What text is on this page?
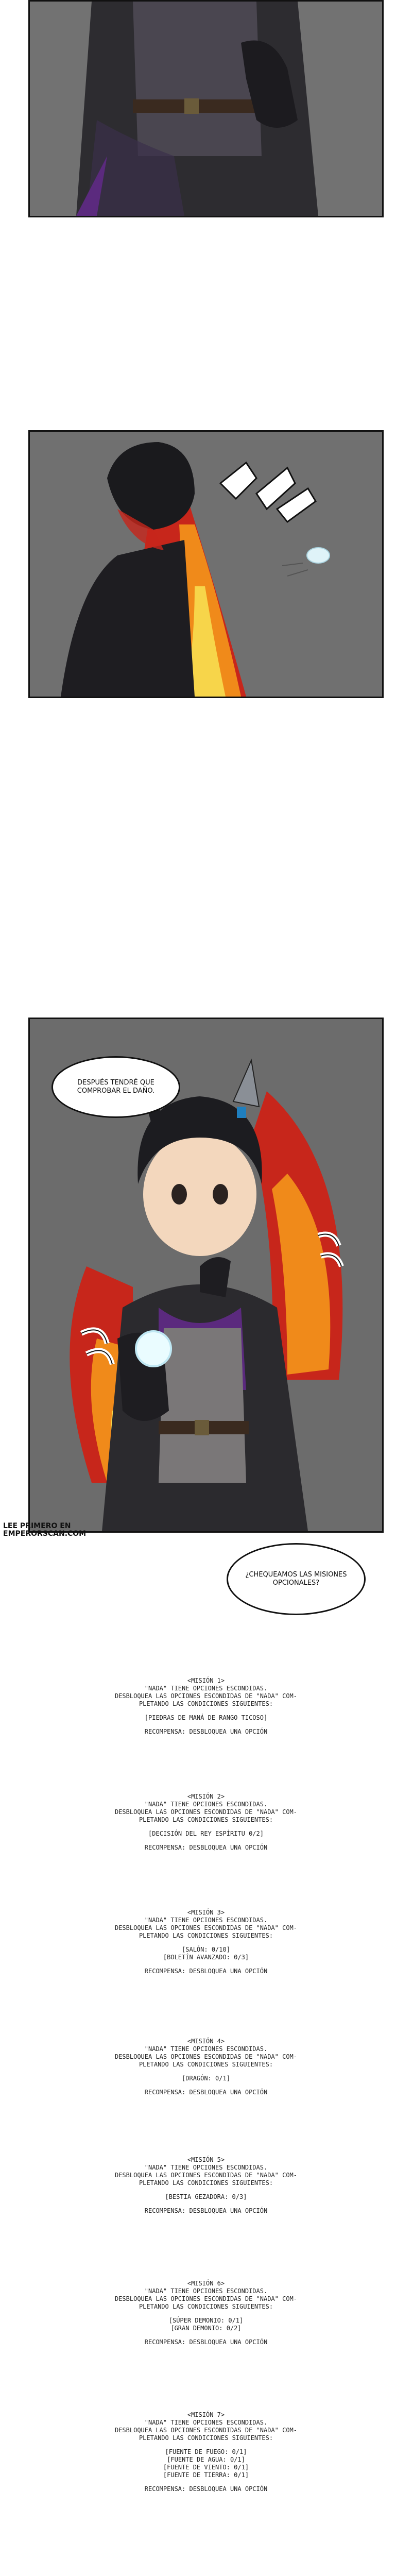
DESPUÉS TENDRÉ QUE COMPROBAR EL DAÑO.
LEE PRIMERO EN EMPERORSCAN.COM
¿CHEQUEAMOS LAS MISIONES OPCIONALES?
<MISIÓN 1>
"NADA" TIENE OPCIONES ESCONDIDAS.
DESBLOQUEA LAS OPCIONES ESCONDIDAS DE "NADA" COM-
PLETANDO LAS CONDICIONES SIGUIENTES:
[PIEDRAS DE MANÁ DE RANGO TICOSO]
RECOMPENSA: DESBLOQUEA UNA OPCIÓN
<MISIÓN 2>
"NADA" TIENE OPCIONES ESCONDIDAS.
DESBLOQUEA LAS OPCIONES ESCONDIDAS DE "NADA" COM-
PLETANDO LAS CONDICIONES SIGUIENTES:
[DECISIÓN DEL REY ESPÍRITU 0/2]
RECOMPENSA: DESBLOQUEA UNA OPCIÓN
<MISIÓN 3>
"NADA" TIENE OPCIONES ESCONDIDAS.
DESBLOQUEA LAS OPCIONES ESCONDIDAS DE "NADA" COM-
PLETANDO LAS CONDICIONES SIGUIENTES:
[SALÓN: 0/10]
[BOLETÍN AVANZADO: 0/3]
RECOMPENSA: DESBLOQUEA UNA OPCIÓN
<MISIÓN 4>
"NADA" TIENE OPCIONES ESCONDIDAS.
DESBLOQUEA LAS OPCIONES ESCONDIDAS DE "NADA" COM-
PLETANDO LAS CONDICIONES SIGUIENTES:
[DRAGÓN: 0/1]
RECOMPENSA: DESBLOQUEA UNA OPCIÓN
<MISIÓN 5>
"NADA" TIENE OPCIONES ESCONDIDAS.
DESBLOQUEA LAS OPCIONES ESCONDIDAS DE "NADA" COM-
PLETANDO LAS CONDICIONES SIGUIENTES:
[BESTIA GEZADORA: 0/3]
RECOMPENSA: DESBLOQUEA UNA OPCIÓN
<MISIÓN 6>
"NADA" TIENE OPCIONES ESCONDIDAS.
DESBLOQUEA LAS OPCIONES ESCONDIDAS DE "NADA" COM-
PLETANDO LAS CONDICIONES SIGUIENTES:
[SÚPER DEMONIO: 0/1]
[GRAN DEMONIO: 0/2]
RECOMPENSA: DESBLOQUEA UNA OPCIÓN
<MISIÓN 7>
"NADA" TIENE OPCIONES ESCONDIDAS.
DESBLOQUEA LAS OPCIONES ESCONDIDAS DE "NADA" COM-
PLETANDO LAS CONDICIONES SIGUIENTES:
[FUENTE DE FUEGO: 0/1]
[FUENTE DE AGUA: 0/1]
[FUENTE DE VIENTO: 0/1]
[FUENTE DE TIERRA: 0/1]
RECOMPENSA: DESBLOQUEA UNA OPCIÓN
